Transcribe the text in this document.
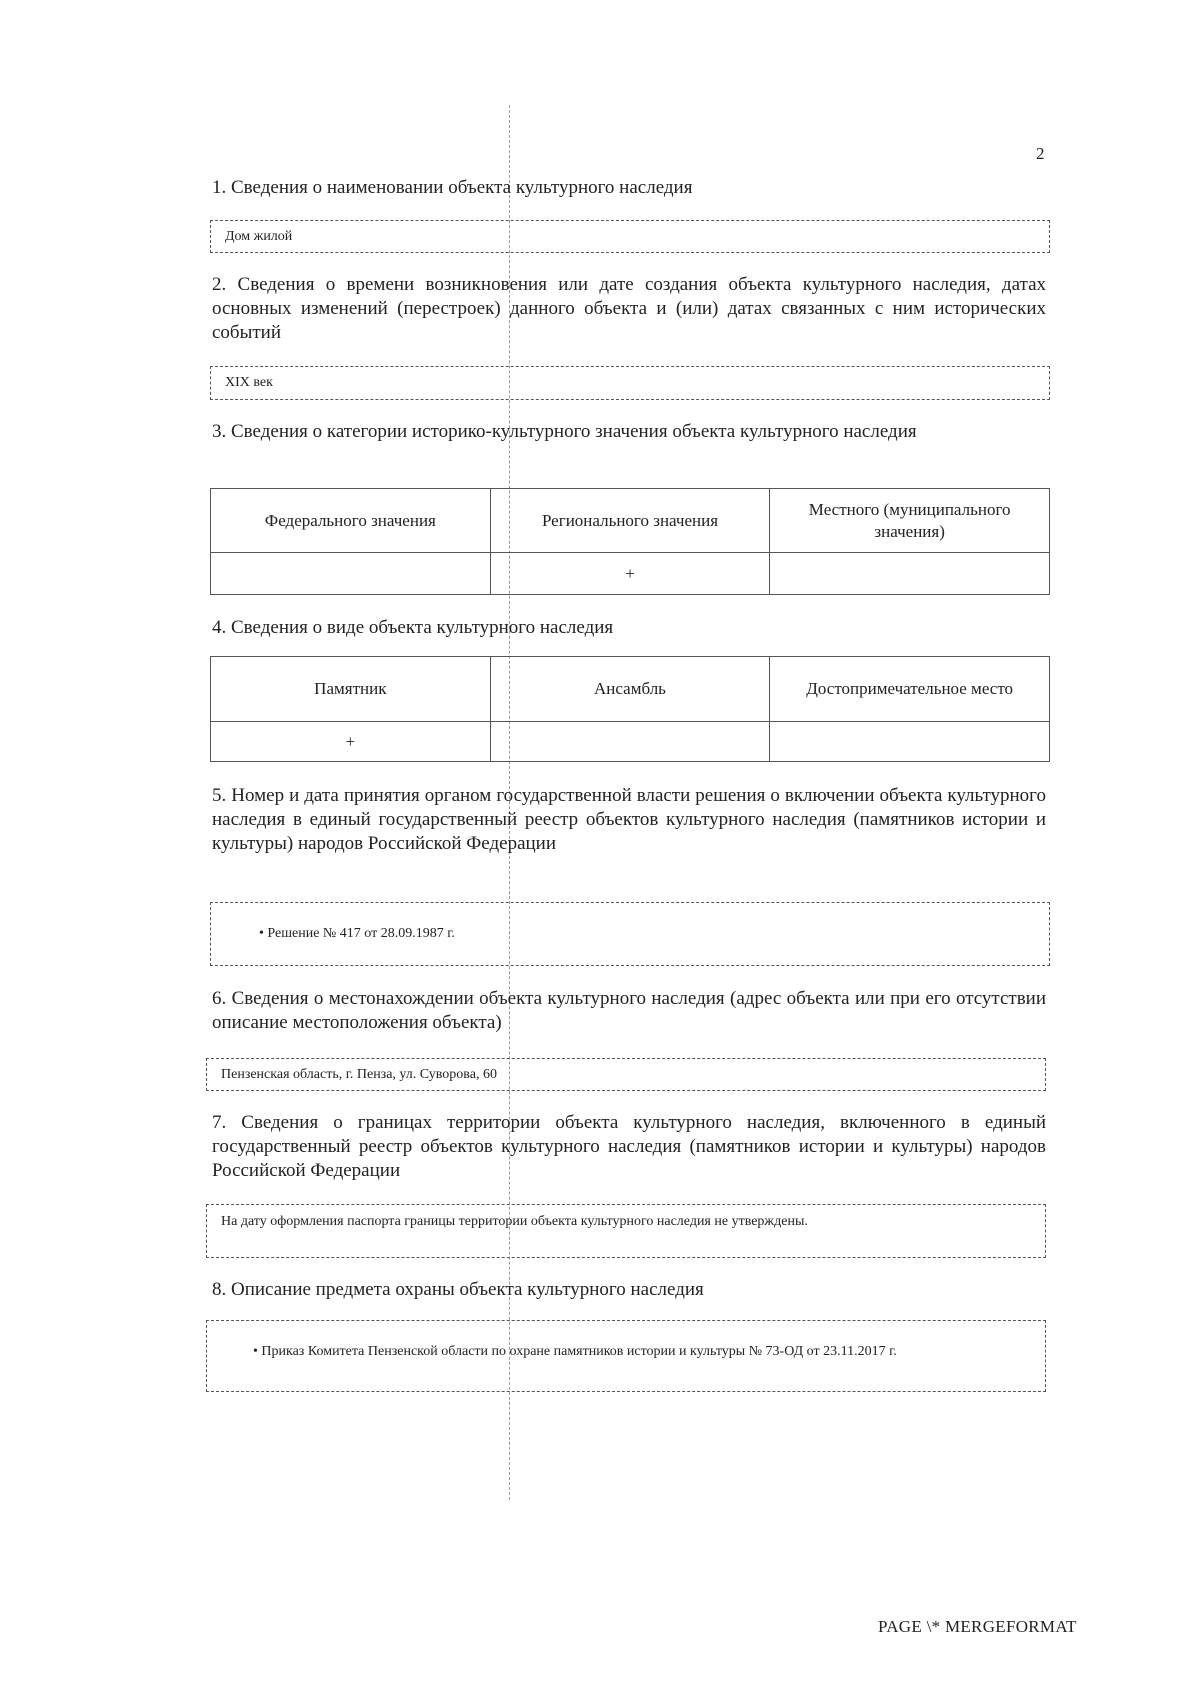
2

1. Сведения о наименовании объекта культурного наследия

Дом жилой

2. Сведения о времени возникновения или дате создания объекта культурного наследия, датах основных изменений (перестроек) данного объекта и (или) датах связанных с ним исторических событий

XIX век

3. Сведения о категории историко-культурного значения объекта культурного наследия

Федерального значения	Регионального значения	Местного (муниципального значения)
	+	

4. Сведения о виде объекта культурного наследия

Памятник	Ансамбль	Достопримечательное место
+		

5. Номер и дата принятия органом государственной власти решения о включении объекта культурного наследия в единый государственный реестр объектов культурного наследия (памятников истории и культуры) народов Российской Федерации

• Решение № 417 от 28.09.1987 г.

6. Сведения о местонахождении объекта культурного наследия (адрес объекта или при его отсутствии описание местоположения объекта)

Пензенская область, г. Пенза, ул. Суворова, 60

7. Сведения о границах территории объекта культурного наследия, включенного в единый государственный реестр объектов культурного наследия (памятников истории и культуры) народов Российской Федерации

На дату оформления паспорта границы территории объекта культурного наследия не утверждены.

8. Описание предмета охраны объекта культурного наследия

• Приказ Комитета Пензенской области по охране памятников истории и культуры № 73-ОД от 23.11.2017 г.
PAGE \* MERGEFORMAT
